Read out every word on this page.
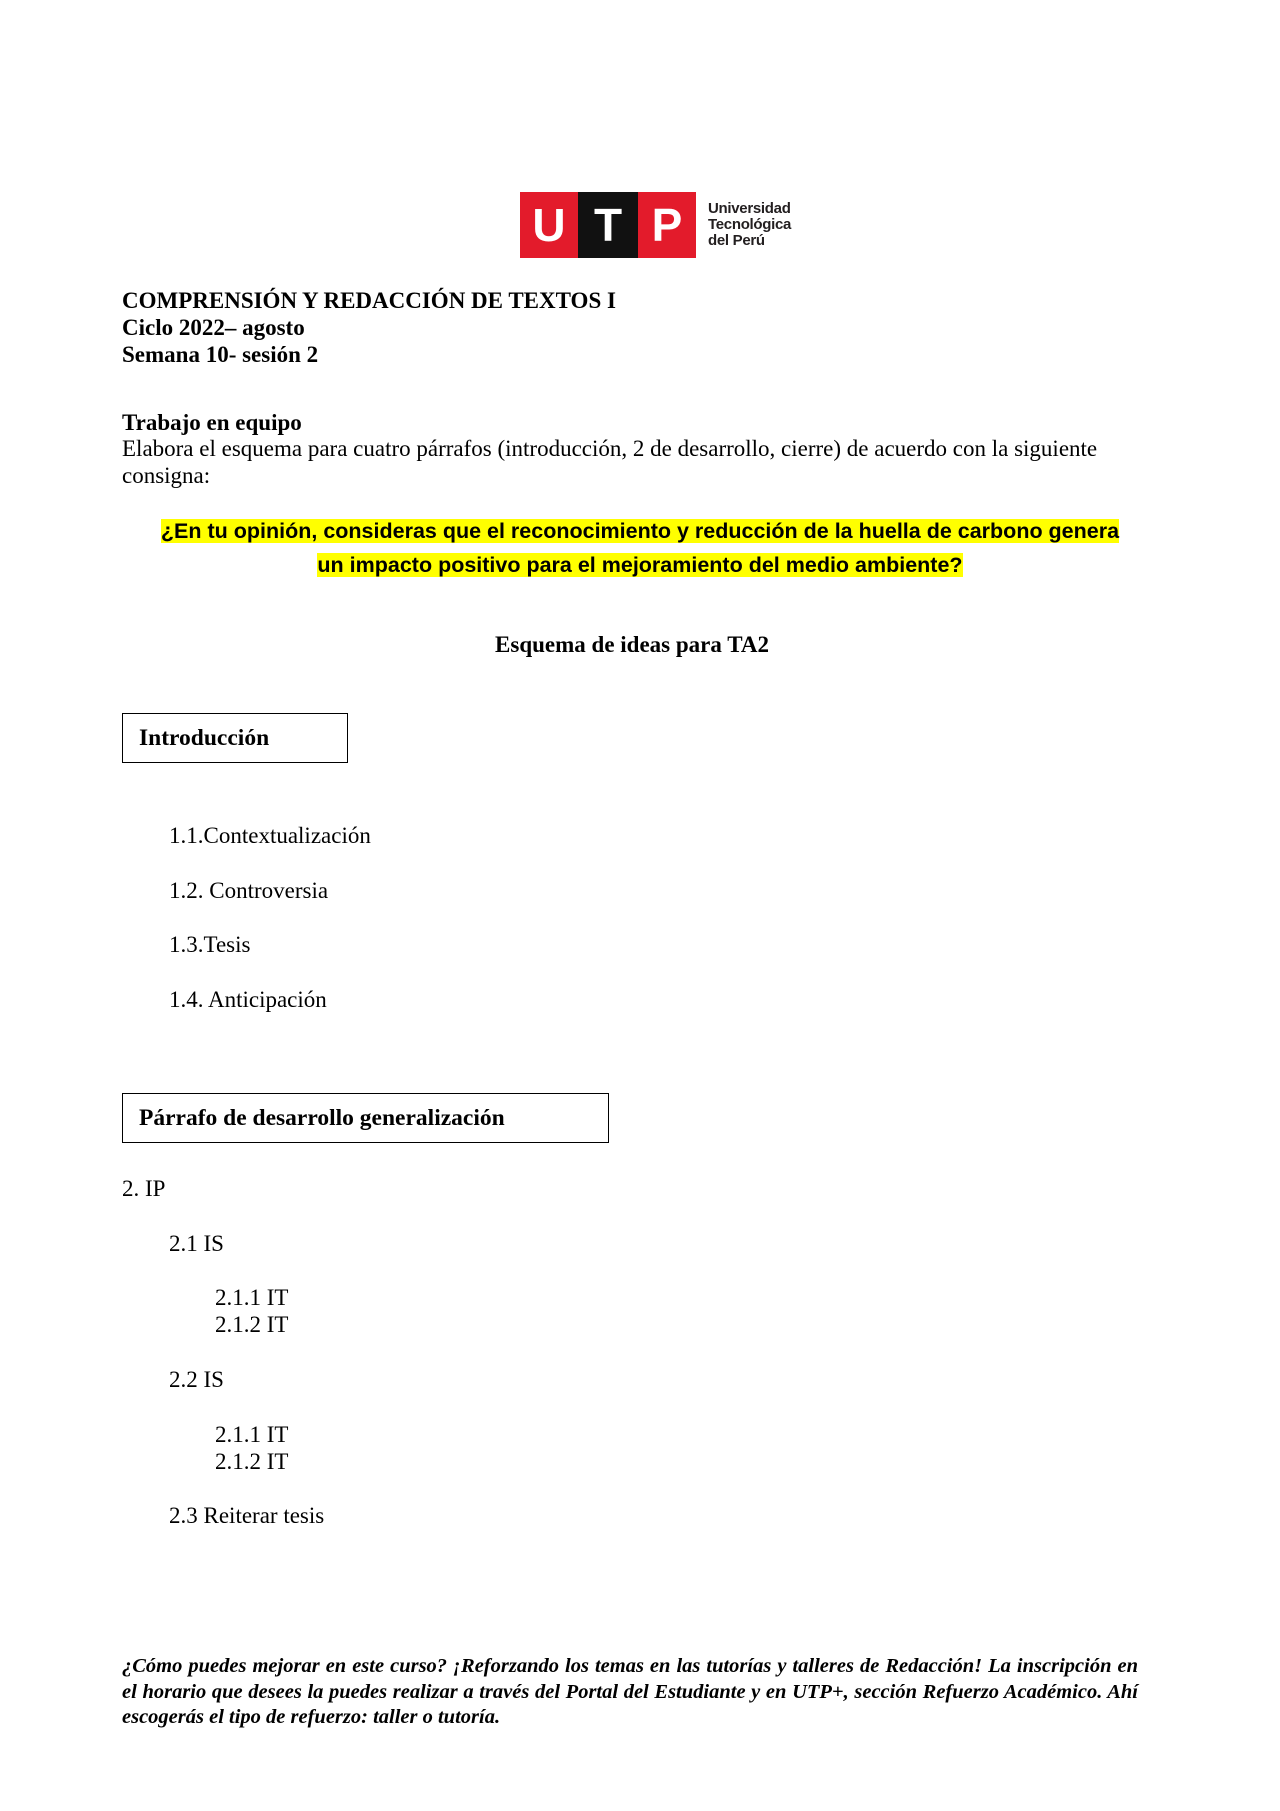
U T P	Universidad
Tecnológica
del Perú
COMPRENSIÓN Y REDACCIÓN DE TEXTOS I
Ciclo 2022– agosto
Semana 10- sesión 2
Trabajo en equipo
Elabora el esquema para cuatro párrafos (introducción, 2 de desarrollo, cierre) de acuerdo con la siguiente consigna:
¿En tu opinión, consideras que el reconocimiento y reducción de la huella de carbono genera
un impacto positivo para el mejoramiento del medio ambiente?
Esquema de ideas para TA2
Introducción
1.1.Contextualización
1.2. Controversia
1.3.Tesis
1.4. Anticipación
Párrafo de desarrollo generalización
2. IP
2.1 IS
2.1.1 IT
2.1.2 IT
2.2 IS
2.1.1 IT
2.1.2 IT
2.3 Reiterar tesis
¿Cómo puedes mejorar en este curso? ¡Reforzando los temas en las tutorías y talleres de Redacción! La inscripción en el horario que desees la puedes realizar a través del Portal del Estudiante y en UTP+, sección Refuerzo Académico. Ahí escogerás el tipo de refuerzo: taller o tutoría.
